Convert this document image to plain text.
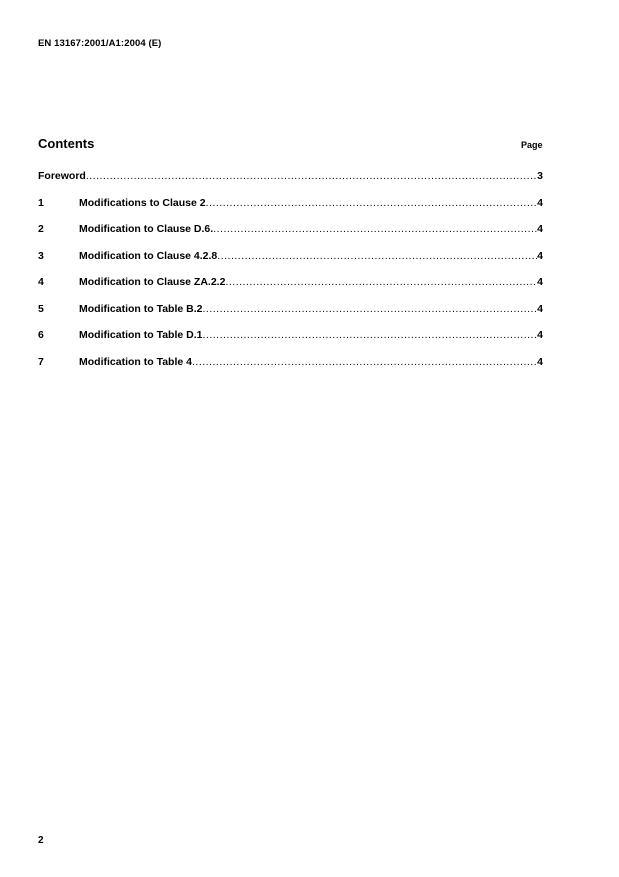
EN 13167:2001/A1:2004 (E)
Contents	Page
Foreword .....	3
1	Modifications to Clause 2 .....	4
2	Modification to Clause D.6. .....	4
3	Modification to Clause 4.2.8 .....	4
4	Modification to Clause ZA.2.2 .....	4
5	Modification to Table B.2 .....	4
6	Modification to Table D.1 .....	4
7	Modification to Table 4 .....	4
2
